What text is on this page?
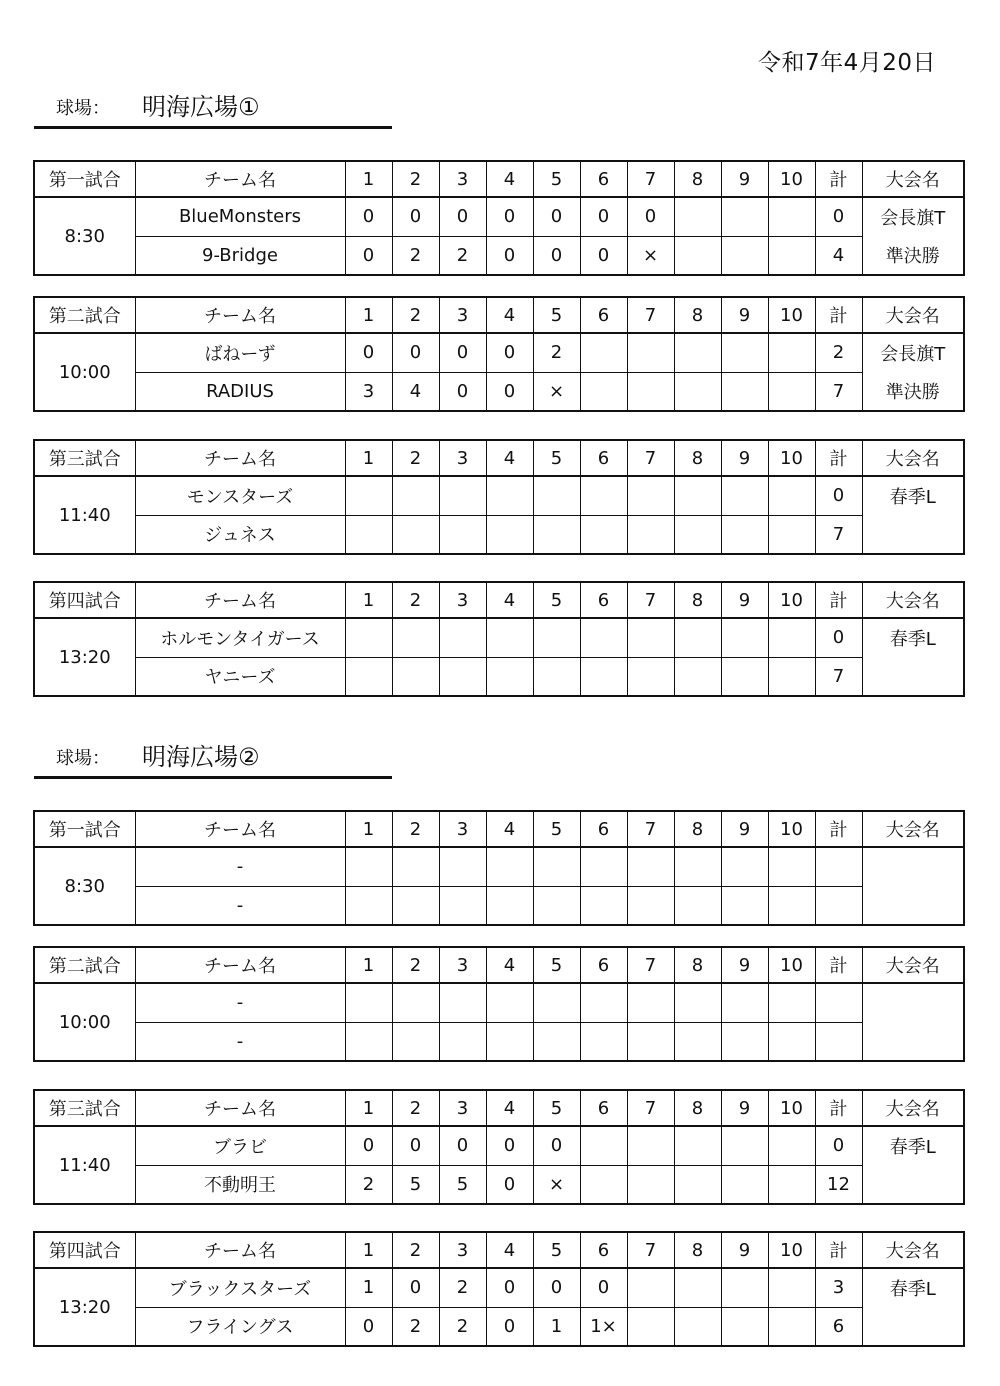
令和7年4月20日
球場： 明海広場①
第一試合	チーム名	1	2	3	4	5	6	7	8	9	10	計	大会名
8:30	BlueMonsters	0	0	0	0	0	0	0				0	会長旗T
	9-Bridge	0	2	2	0	0	0	×				4	準決勝
第二試合	チーム名	1	2	3	4	5	6	7	8	9	10	計	大会名
10:00	ばねーず	0	0	0	0	2						2	会長旗T
	RADIUS	3	4	0	0	×						7	準決勝
第三試合	チーム名	1	2	3	4	5	6	7	8	9	10	計	大会名
11:40	モンスターズ											0	春季L
	ジュネス											7	
第四試合	チーム名	1	2	3	4	5	6	7	8	9	10	計	大会名
13:20	ホルモンタイガース											0	春季L
	ヤニーズ											7	
球場： 明海広場②
第一試合	チーム名	1	2	3	4	5	6	7	8	9	10	計	大会名
8:30	-												
	-												
第二試合	チーム名	1	2	3	4	5	6	7	8	9	10	計	大会名
10:00	-												
	-												
第三試合	チーム名	1	2	3	4	5	6	7	8	9	10	計	大会名
11:40	ブラビ	0	0	0	0	0						0	春季L
	不動明王	2	5	5	0	×						12	
第四試合	チーム名	1	2	3	4	5	6	7	8	9	10	計	大会名
13:20	ブラックスターズ	1	0	2	0	0	0					3	春季L
	フライングス	0	2	2	0	1	1×					6	
